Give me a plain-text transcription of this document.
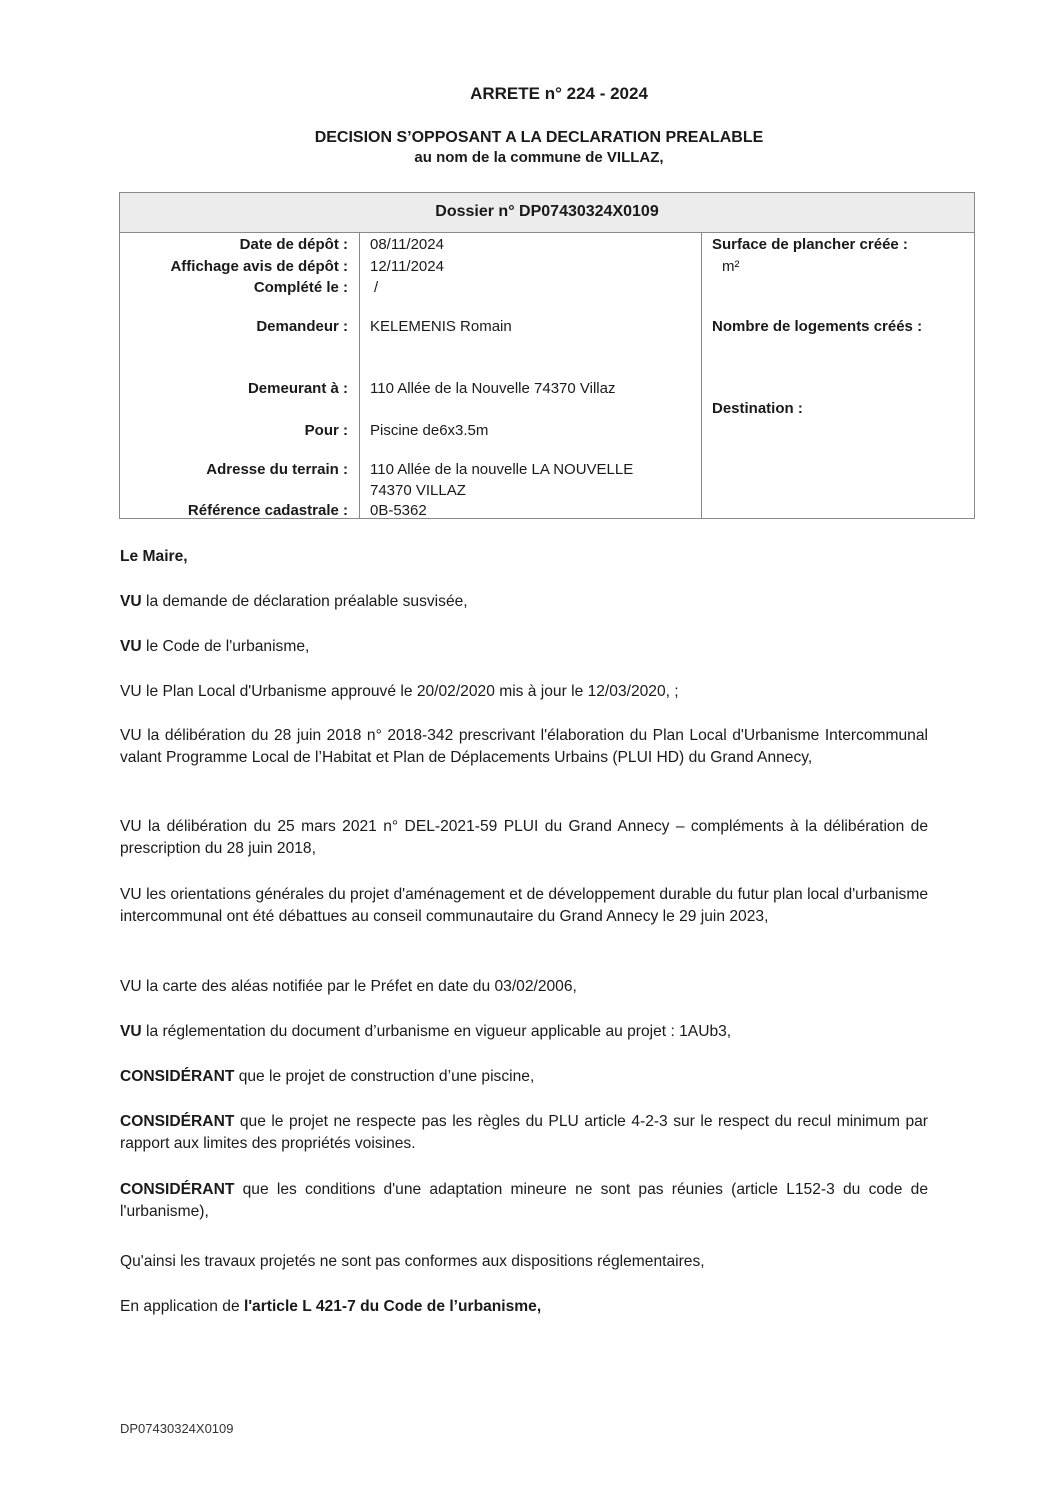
ARRETE n° 224 - 2024
DECISION S’OPPOSANT A LA DECLARATION PREALABLE
au nom de la commune de VILLAZ,
Dossier n° DP07430324X0109
Date de dépôt : 08/11/2024
Affichage avis de dépôt : 12/11/2024
Complété le : /
Demandeur : KELEMENIS Romain
Demeurant à : 110 Allée de la Nouvelle 74370 Villaz
Pour : Piscine de6x3.5m
Adresse du terrain : 110 Allée de la nouvelle LA NOUVELLE
74370 VILLAZ
Référence cadastrale : 0B-5362
Surface de plancher créée :
m²
Nombre de logements créés :
Destination :

Le Maire,

VU la demande de déclaration préalable susvisée,

VU le Code de l'urbanisme,

VU le Plan Local d'Urbanisme approuvé le 20/02/2020 mis à jour le 12/03/2020, ;

VU la délibération du 28 juin 2018 n° 2018-342 prescrivant l'élaboration du Plan Local d'Urbanisme Intercommunal valant Programme Local de l’Habitat et Plan de Déplacements Urbains (PLUI HD) du Grand Annecy,

VU la délibération du 25 mars 2021 n° DEL-2021-59 PLUI du Grand Annecy – compléments à la délibération de prescription du 28 juin 2018,

VU les orientations générales du projet d'aménagement et de développement durable du futur plan local d'urbanisme intercommunal ont été débattues au conseil communautaire du Grand Annecy le 29 juin 2023,

VU la carte des aléas notifiée par le Préfet en date du 03/02/2006,

VU la réglementation du document d’urbanisme en vigueur applicable au projet : 1AUb3,

CONSIDÉRANT que le projet de construction d’une piscine,

CONSIDÉRANT que le projet ne respecte pas les règles du PLU article 4-2-3 sur le respect du recul minimum par rapport aux limites des propriétés voisines.

CONSIDÉRANT que les conditions d'une adaptation mineure ne sont pas réunies (article L152-3 du code de l'urbanisme),

Qu'ainsi les travaux projetés ne sont pas conformes aux dispositions réglementaires,

En application de l'article L 421-7 du Code de l’urbanisme,

DP07430324X0109
